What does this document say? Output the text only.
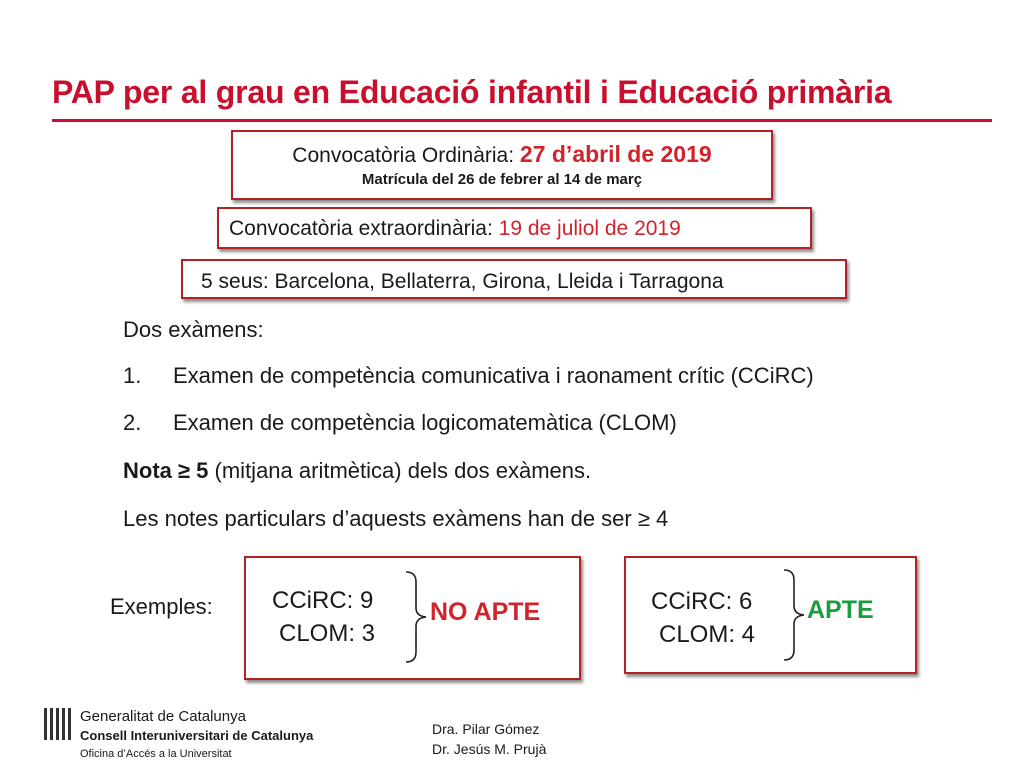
PAP per al grau en Educació infantil i Educació primària
Convocatòria Ordinària: 27 d’abril de 2019
Matrícula del 26 de febrer al 14 de març
Convocatòria extraordinària: 19 de juliol de 2019
5 seus: Barcelona, Bellaterra, Girona, Lleida i Tarragona
Dos exàmens:
1. Examen de competència comunicativa i raonament crític (CCiRC)
2. Examen de competència logicomatemàtica (CLOM)
Nota ≥ 5 (mitjana aritmètica) dels dos exàmens.
Les notes particulars d’aquests exàmens han de ser ≥ 4
Exemples: CCiRC: 9
CLOM: 3
NO APTE	CCiRC: 6
CLOM: 4
APTE
Generalitat de Catalunya
Consell Interuniversitari de Catalunya
Oficina d’Accés a la Universitat
Dra. Pilar Gómez
Dr. Jesús M. Prujà
